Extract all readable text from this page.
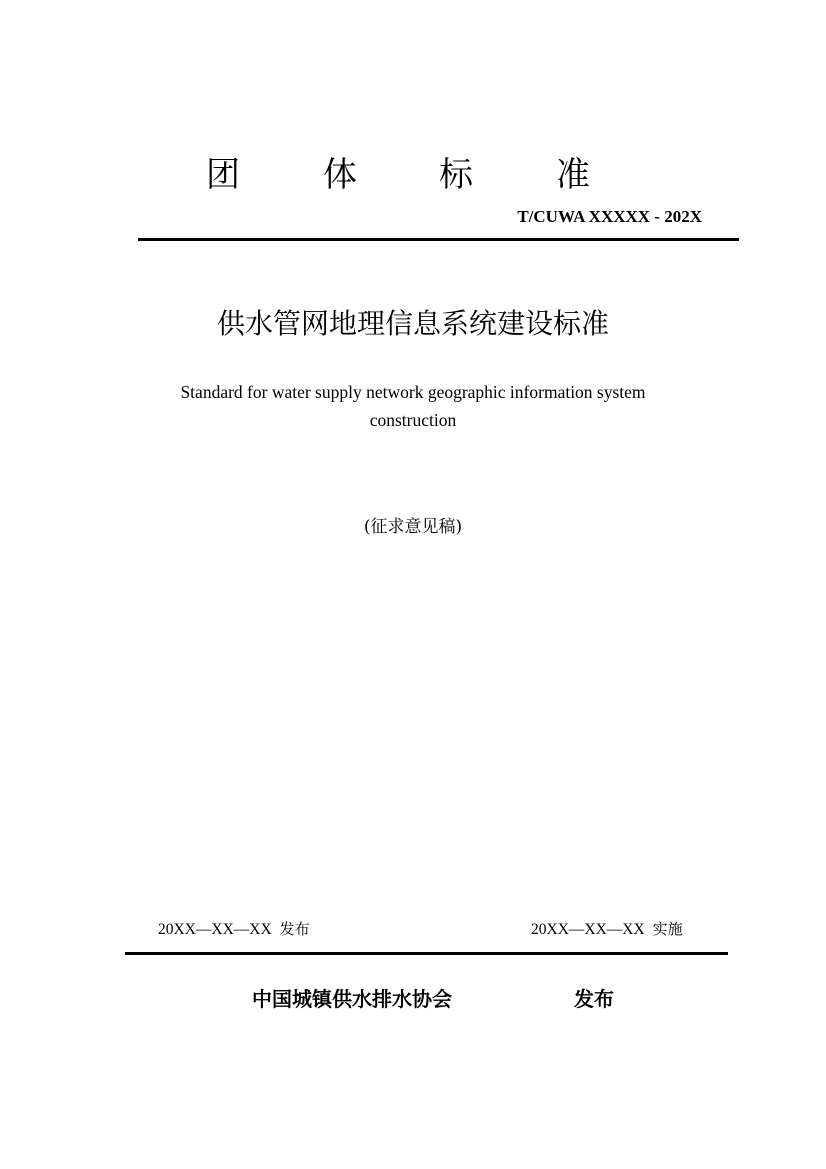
团 体 标 准
T/CUWA XXXXX - 202X
供水管网地理信息系统建设标准
Standard for water supply network geographic information system
construction
(征求意见稿)
20XX—XX—XX 发布	20XX—XX—XX 实施
中国城镇供水排水协会	发布
